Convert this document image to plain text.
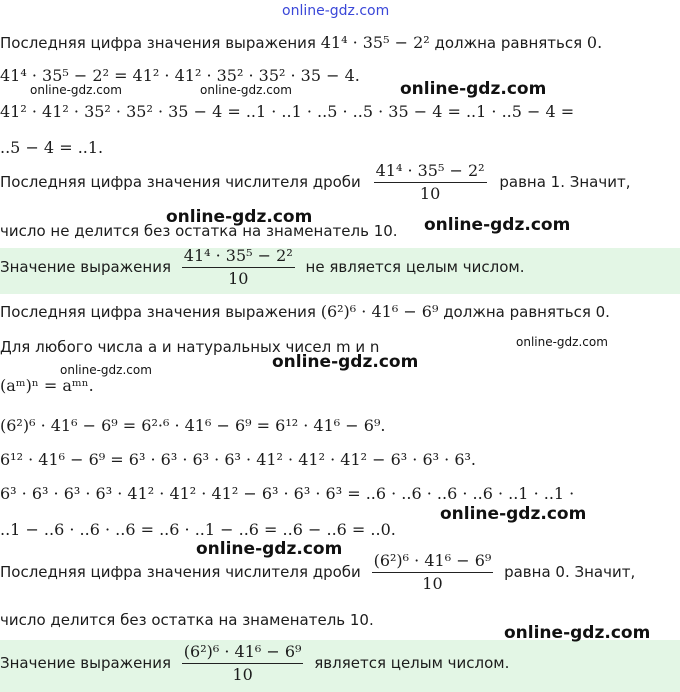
online-gdz.com
Последняя цифра значения выражения 41⁴ · 35⁵ − 2² должна равняться 0.
41⁴ · 35⁵ − 2² = 41² · 41² · 35² · 35² · 35 − 4.
41² · 41² · 35² · 35² · 35 − 4 = ..1 · ..1 · ..5 · ..5 · 35 − 4 = ..1 · ..5 − 4 =
..5 − 4 = ..1.
Последняя цифра значения числителя дроби $\frac{\text{41⁴ · 35⁵ − 2²}}{10}$ равна 1. Значит,
число не делится без остатка на знаменатель 10.
Значение выражения $\frac{\text{41⁴ · 35⁵ − 2²}}{10}$ не является целым числом.
Последняя цифра значения выражения (6²)⁶ · 41⁶ − 6⁹ должна равняться 0.
Для любого числа a и натуральных чисел m и n
(aᵐ)ⁿ = aᵐⁿ.
(6²)⁶ · 41⁶ − 6⁹ = 6²·⁶ · 41⁶ − 6⁹ = 6¹² · 41⁶ − 6⁹.
6¹² · 41⁶ − 6⁹ = 6³ · 6³ · 6³ · 6³ · 41² · 41² · 41² − 6³ · 6³ · 6³.
6³ · 6³ · 6³ · 6³ · 41² · 41² · 41² − 6³ · 6³ · 6³ = ..6 · ..6 · ..6 · ..6 · ..1 · ..1 ·
..1 − ..6 · ..6 · ..6 = ..6 · ..1 − ..6 = ..6 − ..6 = ..0.
Последняя цифра значения числителя дроби $\frac{\text{(6²)⁶ · 41⁶ − 6⁹}}{10}$ равна 0. Значит,
число делится без остатка на знаменатель 10.
Значение выражения $\frac{\text{(6²)⁶ · 41⁶ − 6⁹}}{10}$ является целым числом.
online-gdz.com	online-gdz.com	online-gdz.com
online-gdz.com	online-gdz.com
online-gdz.com
online-gdz.com
online-gdz.com
online-gdz.com
online-gdz.com
online-gdz.com
